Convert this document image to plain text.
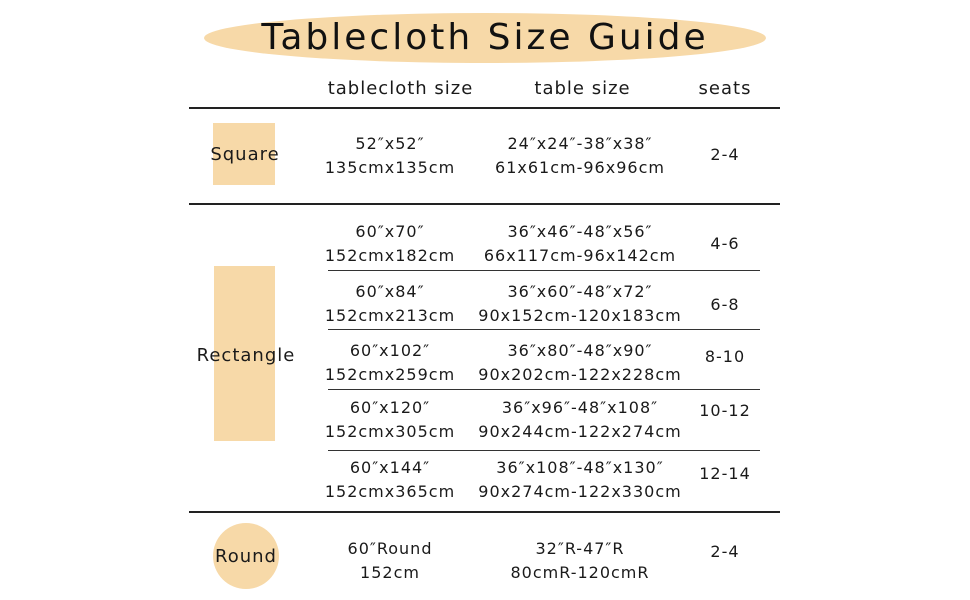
Tablecloth Size Guide
tablecloth size	table size	seats
Square
Rectangle
Round
52″x52″
135cmx135cm
24″x24″-38″x38″
61x61cm-96x96cm
2-4
60″x70″
152cmx182cm
36″x46″-48″x56″
66x117cm-96x142cm
4-6
60″x84″
152cmx213cm
36″x60″-48″x72″
90x152cm-120x183cm
6-8
60″x102″
152cmx259cm
36″x80″-48″x90″
90x202cm-122x228cm
8-10
60″x120″
152cmx305cm
36″x96″-48″x108″
90x244cm-122x274cm
10-12
60″x144″
152cmx365cm
36″x108″-48″x130″
90x274cm-122x330cm
12-14
60″Round
152cm
32″R-47″R
80cmR-120cmR
2-4
